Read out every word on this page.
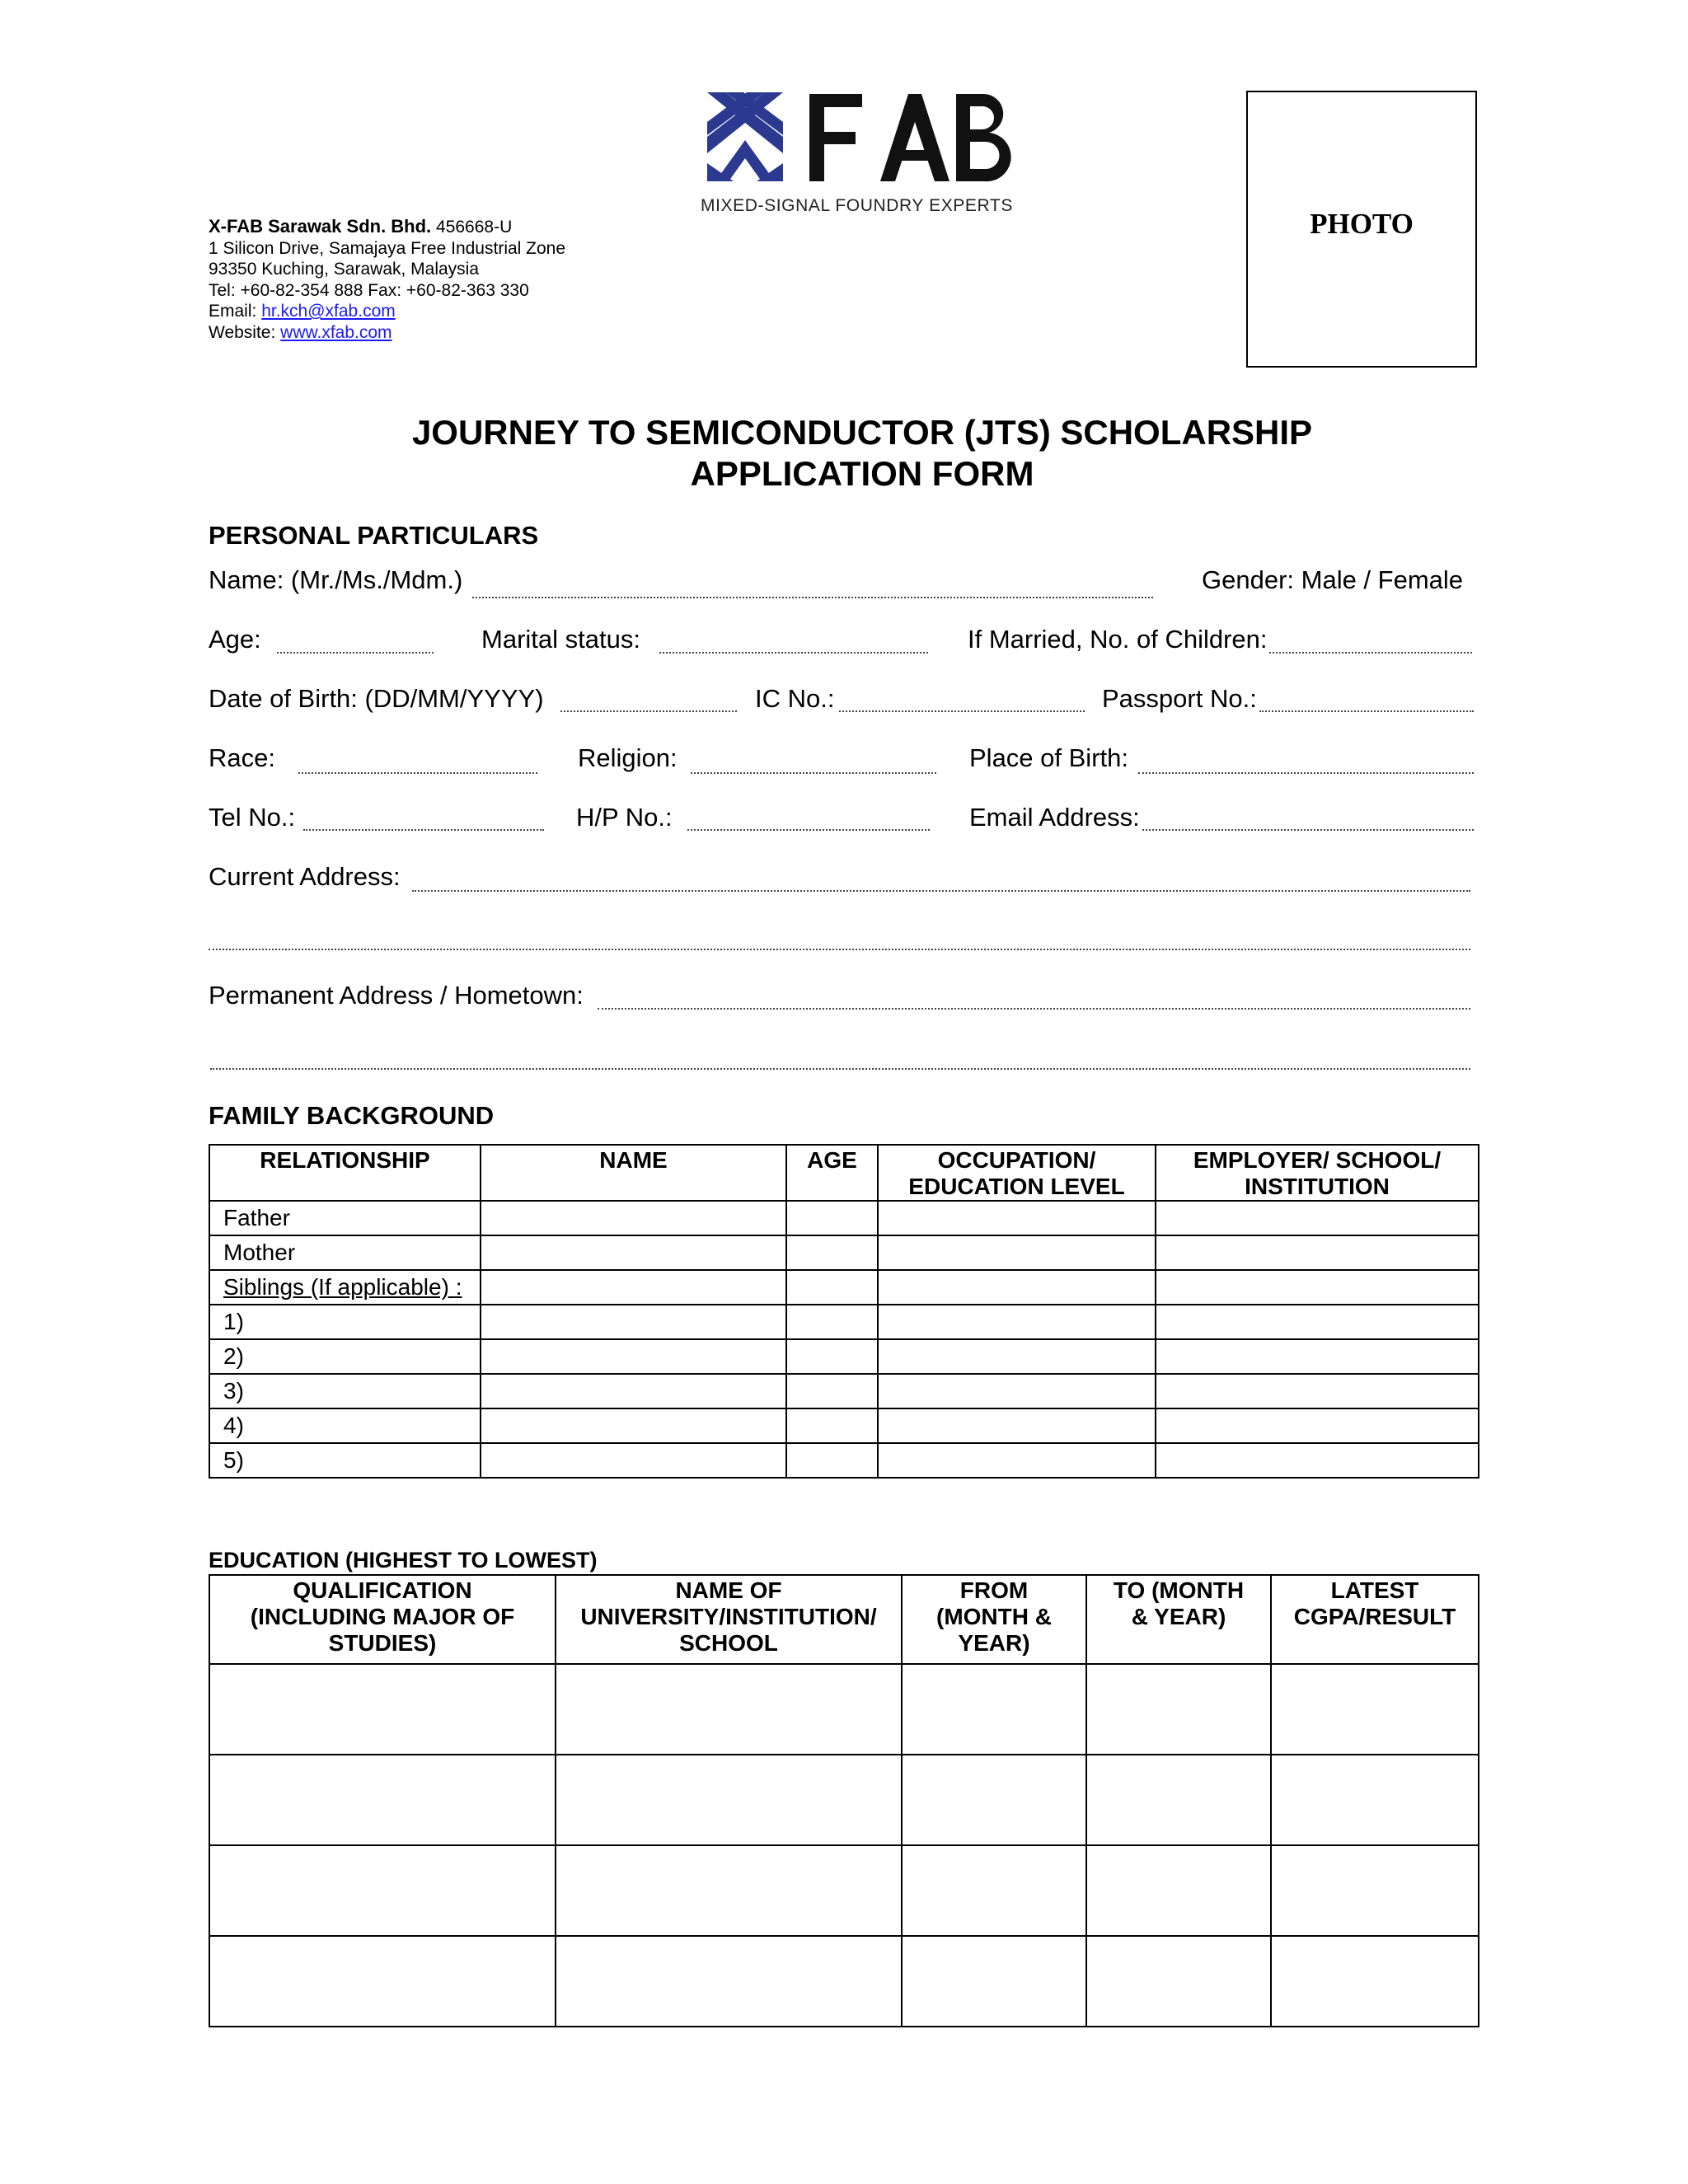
MIXED-SIGNAL FOUNDRY EXPERTS
X-FAB Sarawak Sdn. Bhd. 456668-U
1 Silicon Drive, Samajaya Free Industrial Zone
93350 Kuching, Sarawak, Malaysia
Tel: +60-82-354 888 Fax: +60-82-363 330
Email: hr.kch@xfab.com
Website: www.xfab.com
PHOTO
JOURNEY TO SEMICONDUCTOR (JTS) SCHOLARSHIP
APPLICATION FORM
PERSONAL PARTICULARS
Name: (Mr./Ms./Mdm.)	Gender: Male / Female
Age:	Marital status:	If Married, No. of Children:
Date of Birth: (DD/MM/YYYY)	IC No.:	Passport No.:
Race:	Religion:	Place of Birth:
Tel No.:	H/P No.:	Email Address:
Current Address:
Permanent Address / Hometown:
FAMILY BACKGROUND
RELATIONSHIP	NAME	AGE	OCCUPATION/ EDUCATION LEVEL	EMPLOYER/ SCHOOL/ INSTITUTION
Father				
Mother				
Siblings (If applicable) :				
1)				
2)				
3)				
4)				
5)				
EDUCATION (HIGHEST TO LOWEST)
QUALIFICATION (INCLUDING MAJOR OF STUDIES)	NAME OF UNIVERSITY/INSTITUTION/ SCHOOL	FROM (MONTH & YEAR)	TO (MONTH & YEAR)	LATEST CGPA/RESULT
